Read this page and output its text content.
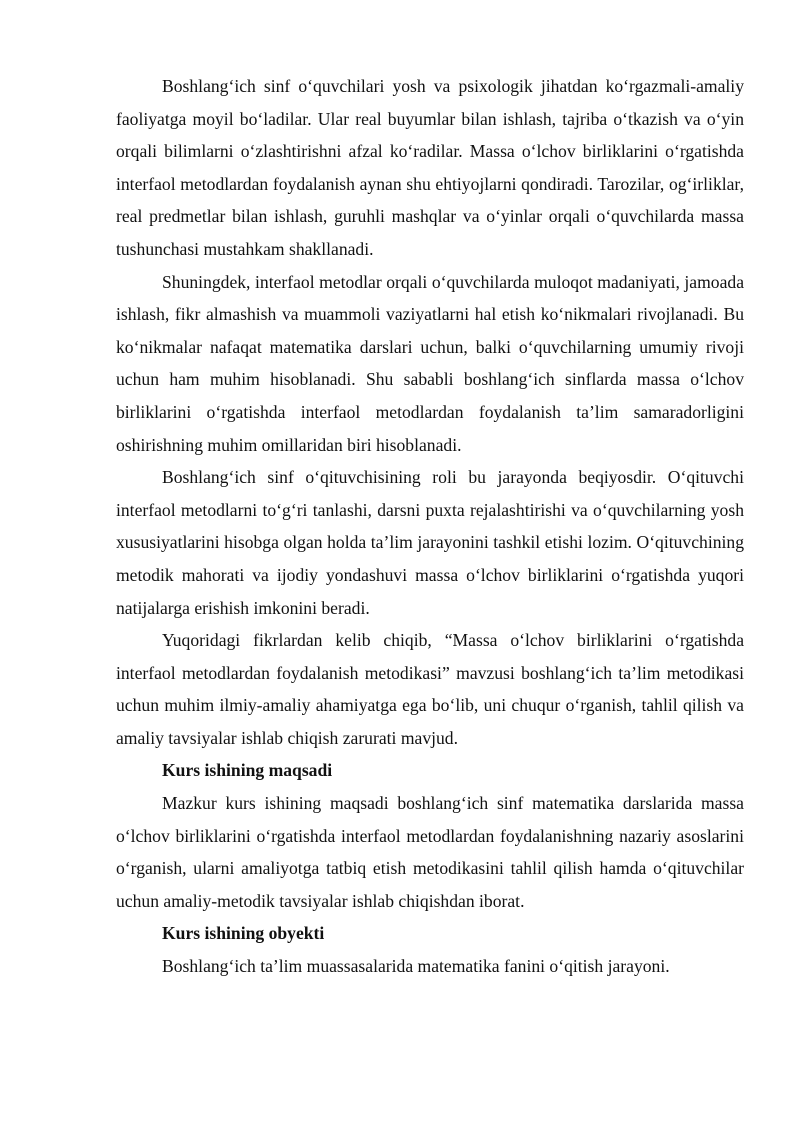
Boshlang‘ich sinf o‘quvchilari yosh va psixologik jihatdan ko‘rgazmali-amaliy faoliyatga moyil bo‘ladilar. Ular real buyumlar bilan ishlash, tajriba o‘tkazish va o‘yin orqali bilimlarni o‘zlashtirishni afzal ko‘radilar. Massa o‘lchov birliklarini o‘rgatishda interfaol metodlardan foydalanish aynan shu ehtiyojlarni qondiradi. Tarozilar, og‘irliklar, real predmetlar bilan ishlash, guruhli mashqlar va o‘yinlar orqali o‘quvchilarda massa tushunchasi mustahkam shakllanadi.

Shuningdek, interfaol metodlar orqali o‘quvchilarda muloqot madaniyati, jamoada ishlash, fikr almashish va muammoli vaziyatlarni hal etish ko‘nikmalari rivojlanadi. Bu ko‘nikmalar nafaqat matematika darslari uchun, balki o‘quvchilarning umumiy rivoji uchun ham muhim hisoblanadi. Shu sababli boshlang‘ich sinflarda massa o‘lchov birliklarini o‘rgatishda interfaol metodlardan foydalanish ta’lim samaradorligini oshirishning muhim omillaridan biri hisoblanadi.

Boshlang‘ich sinf o‘qituvchisining roli bu jarayonda beqiyosdir. O‘qituvchi interfaol metodlarni to‘g‘ri tanlashi, darsni puxta rejalashtirishi va o‘quvchilarning yosh xususiyatlarini hisobga olgan holda ta’lim jarayonini tashkil etishi lozim. O‘qituvchining metodik mahorati va ijodiy yondashuvi massa o‘lchov birliklarini o‘rgatishda yuqori natijalarga erishish imkonini beradi.

Yuqoridagi fikrlardan kelib chiqib, “Massa o‘lchov birliklarini o‘rgatishda interfaol metodlardan foydalanish metodikasi” mavzusi boshlang‘ich ta’lim metodikasi uchun muhim ilmiy-amaliy ahamiyatga ega bo‘lib, uni chuqur o‘rganish, tahlil qilish va amaliy tavsiyalar ishlab chiqish zarurati mavjud.

Kurs ishining maqsadi

Mazkur kurs ishining maqsadi boshlang‘ich sinf matematika darslarida massa o‘lchov birliklarini o‘rgatishda interfaol metodlardan foydalanishning nazariy asoslarini o‘rganish, ularni amaliyotga tatbiq etish metodikasini tahlil qilish hamda o‘qituvchilar uchun amaliy-metodik tavsiyalar ishlab chiqishdan iborat.

Kurs ishining obyekti

Boshlang‘ich ta’lim muassasalarida matematika fanini o‘qitish jarayoni.
